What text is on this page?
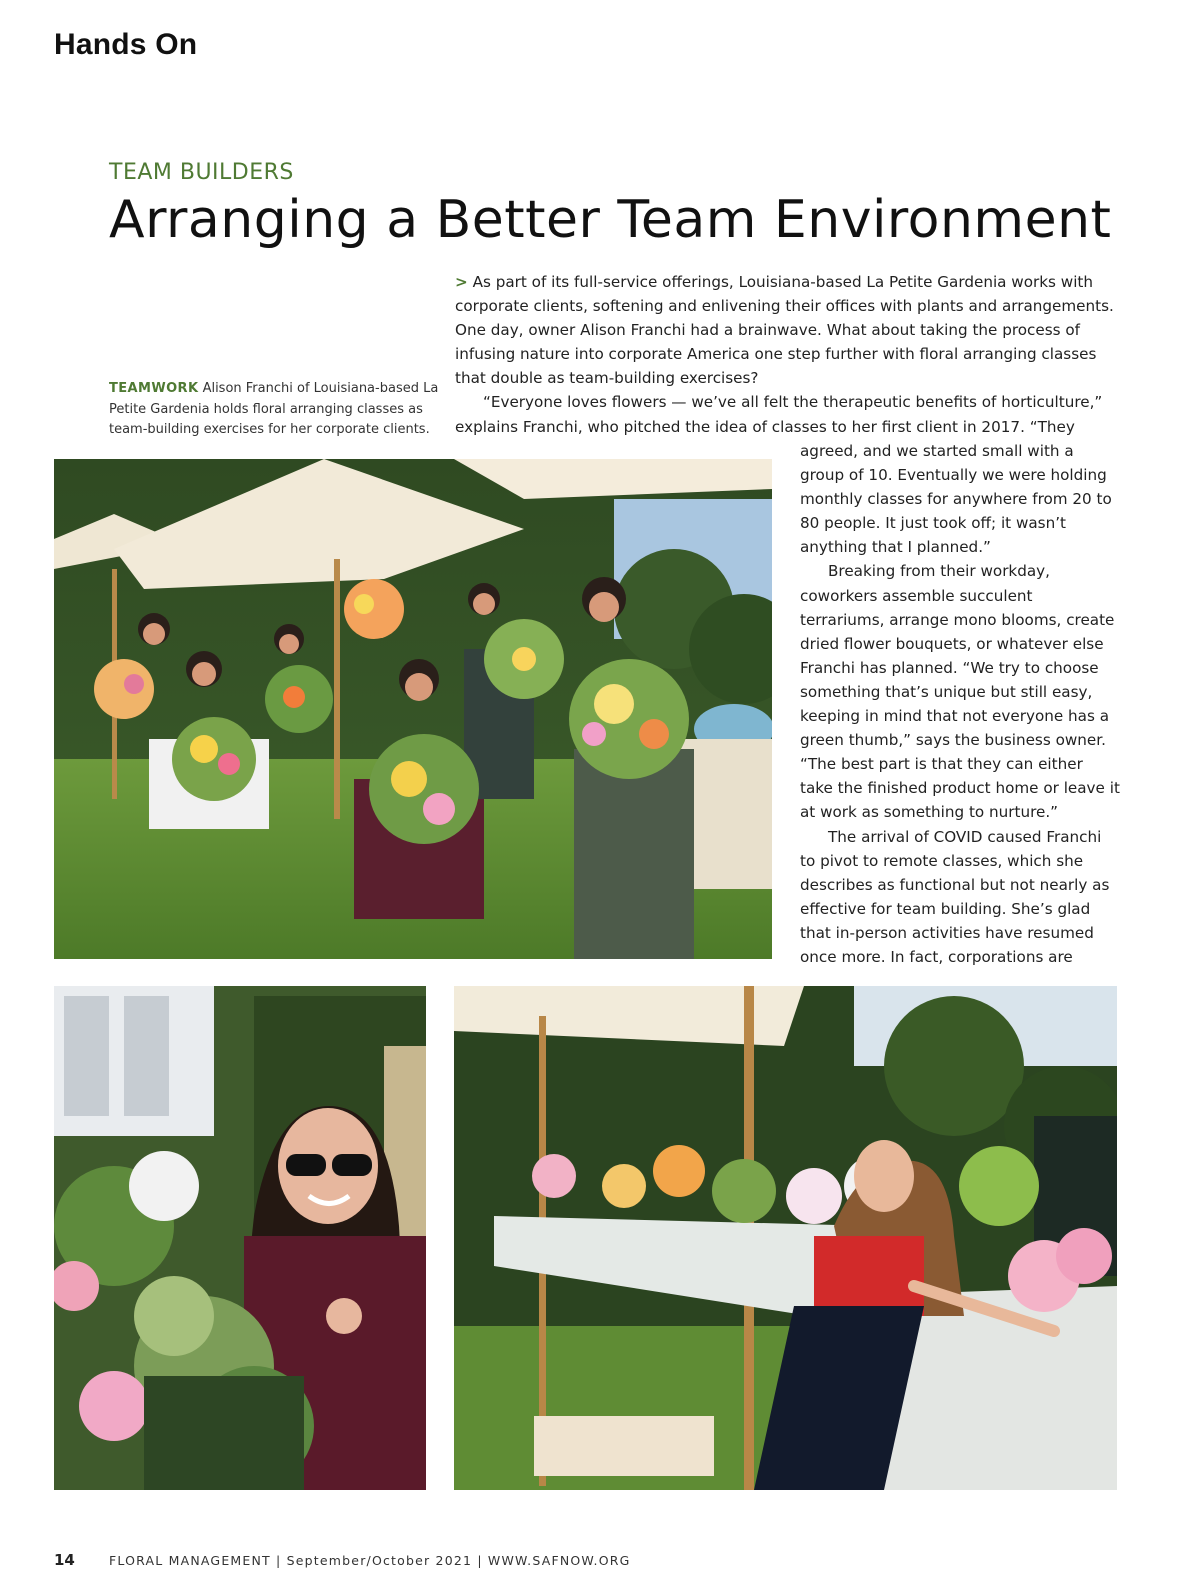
Hands On
TEAM BUILDERS
Arranging a Better Team Environment
TEAMWORK Alison Franchi of Louisiana-based La Petite Gardenia holds floral arranging classes as team-building exercises for her corporate clients.

> As part of its full-service offerings, Louisiana-based La Petite Gardenia works with corporate clients, softening and enlivening their offices with plants and arrangements. One day, owner Alison Franchi had a brainwave. What about taking the process of infusing nature into corporate America one step further with floral arranging classes that double as team-building exercises?

“Everyone loves flowers — we’ve all felt the therapeutic benefits of horticulture,” explains Franchi, who pitched the idea of classes to her first client in 2017. “They

agreed, and we started small with a group of 10. Eventually we were holding monthly classes for anywhere from 20 to 80 people. It just took off; it wasn’t anything that I planned.”

Breaking from their workday, coworkers assemble succulent terrariums, arrange mono blooms, create dried flower bouquets, or whatever else Franchi has planned. “We try to choose something that’s unique but still easy, keeping in mind that not everyone has a green thumb,” says the business owner. “The best part is that they can either take the finished product home or leave it at work as something to nurture.”

The arrival of COVID caused Franchi to pivot to remote classes, which she describes as functional but not nearly as effective for team building. She’s glad that in-person activities have resumed once more. In fact, corporations are

14	FLORAL MANAGEMENT | September/October 2021 | WWW.SAFNOW.ORG
